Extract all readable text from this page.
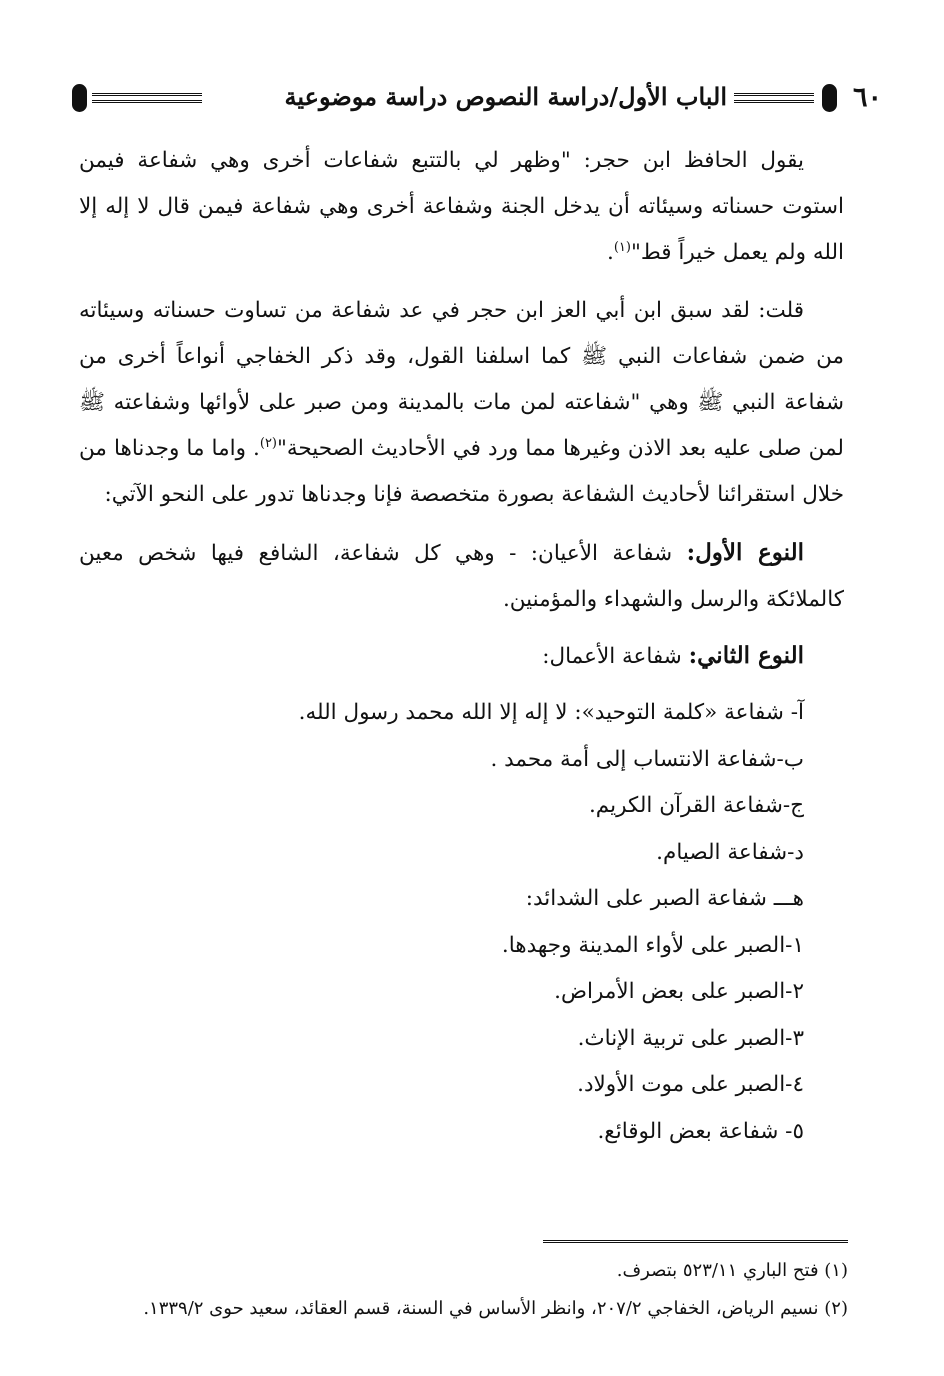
٦٠
الباب الأول/دراسة النصوص دراسة موضوعية

يقول الحافظ ابن حجر: "وظهر لي بالتتبع شفاعات أخرى وهي شفاعة فيمن استوت حسناته وسيئاته أن يدخل الجنة وشفاعة أخرى وهي شفاعة فيمن قال لا إله إلا الله ولم يعمل خيراً قط"$^{(١)}$.

قلت: لقد سبق ابن أبي العز ابن حجر في عد شفاعة من تساوت حسناته وسيئاته من ضمن شفاعات النبي ﷺ كما اسلفنا القول، وقد ذكر الخفاجي أنواعاً أخرى من شفاعة النبي ﷺ وهي "شفاعته لمن مات بالمدينة ومن صبر على لأوائها وشفاعته ﷺ لمن صلى عليه بعد الاذن وغيرها مما ورد في الأحاديث الصحيحة"$^{(٢)}$. واما ما وجدناها من خلال استقرائنا لأحاديث الشفاعة بصورة متخصصة فإنا وجدناها تدور على النحو الآتي:

النوع الأول: شفاعة الأعيان: - وهي كل شفاعة، الشافع فيها شخص معين كالملائكة والرسل والشهداء والمؤمنين.

النوع الثاني: شفاعة الأعمال:

آ- شفاعة «كلمة التوحيد»: لا إله إلا الله محمد رسول الله.

ب-شفاعة الانتساب إلى أمة محمد .

ج-شفاعة القرآن الكريم.

د-شفاعة الصيام.

هـــ شفاعة الصبر على الشدائد:

١-الصبر على لأواء المدينة وجهدها.

٢-الصبر على بعض الأمراض.

٣-الصبر على تربية الإناث.

٤-الصبر على موت الأولاد.

٥- شفاعة بعض الوقائع.

(١) فتح الباري ٥٢٣/١١ بتصرف.

(٢) نسيم الرياض، الخفاجي ٢٠٧/٢، وانظر الأساس في السنة، قسم العقائد، سعيد حوى ١٣٣٩/٢.
